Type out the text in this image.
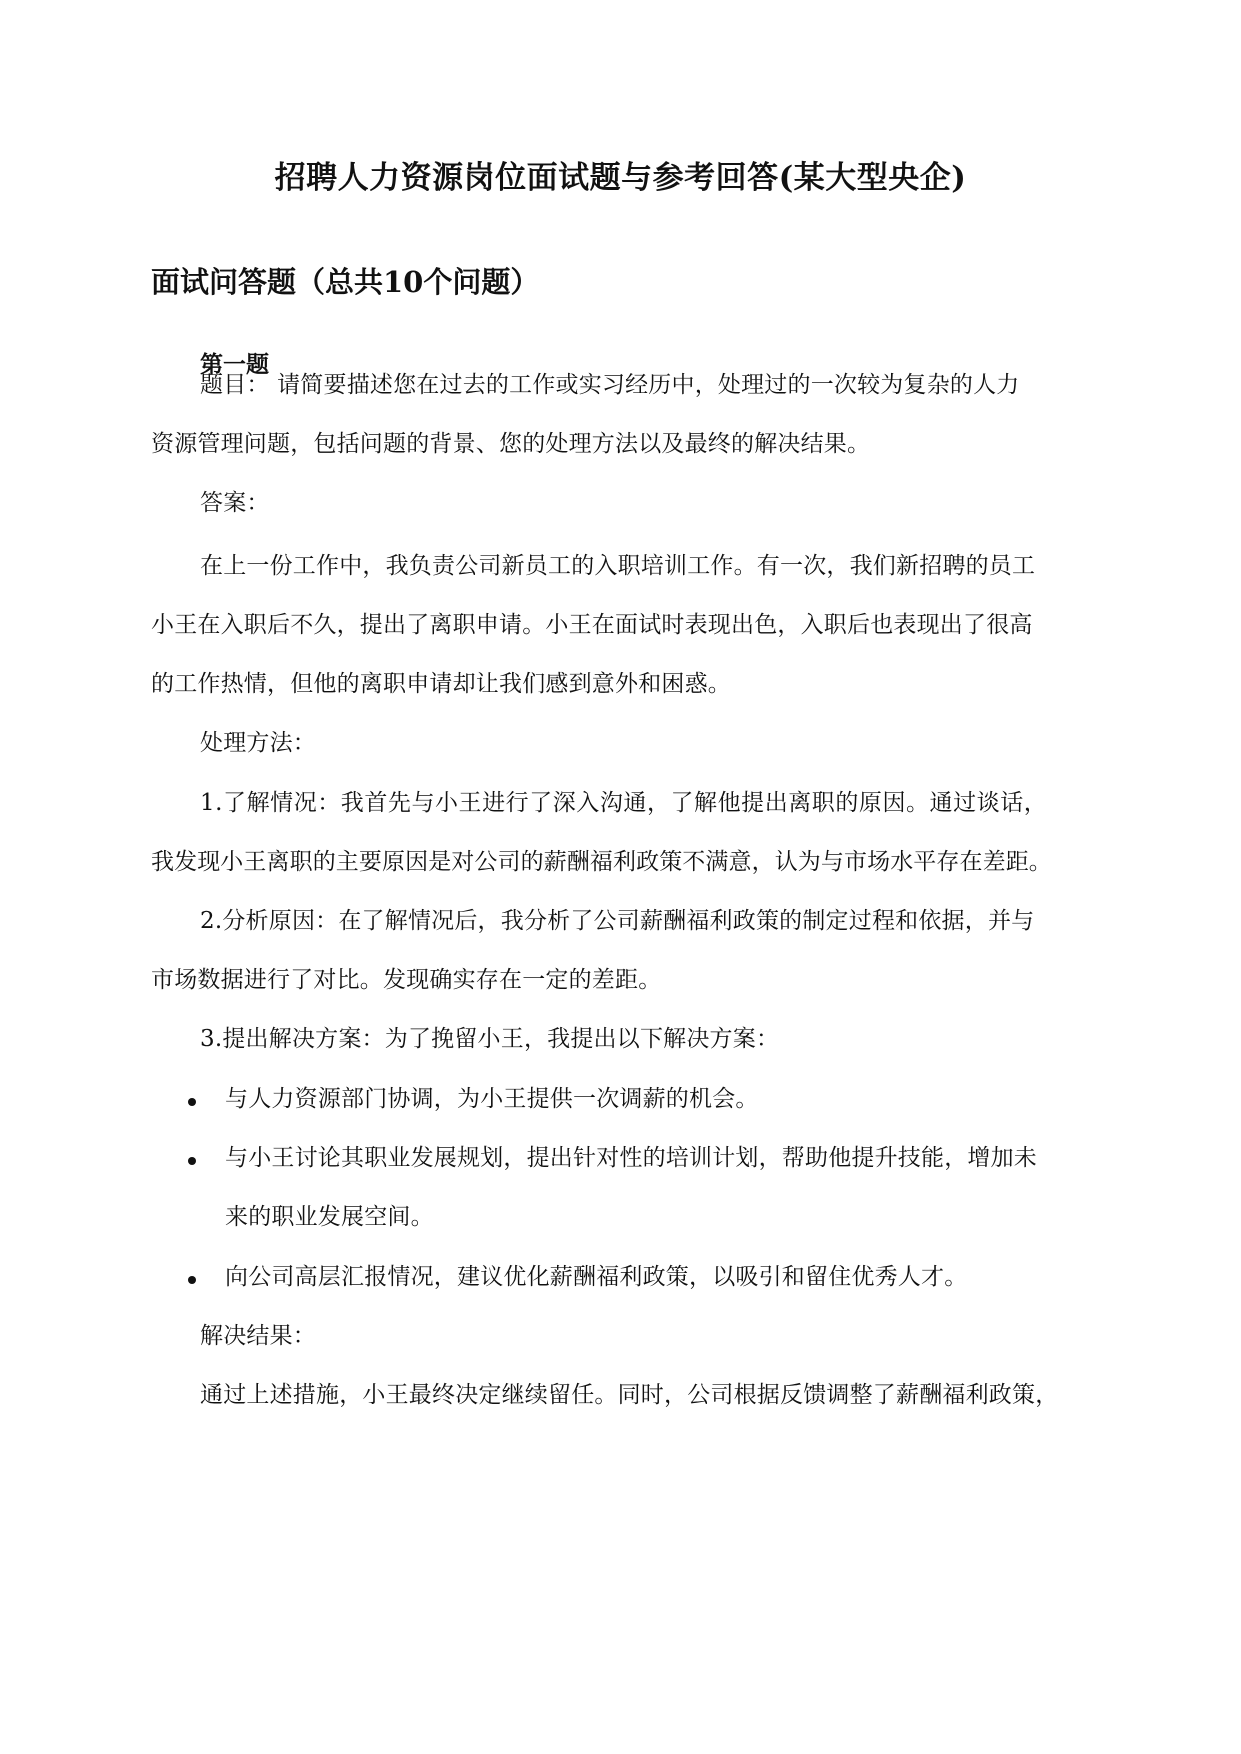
招聘人力资源岗位面试题与参考回答(某大型央企)
面试问答题（总共10个问题）
第一题
题目： 请简要描述您在过去的工作或实习经历中，处理过的一次较为复杂的人力
资源管理问题，包括问题的背景、您的处理方法以及最终的解决结果。
答案：
在上一份工作中，我负责公司新员工的入职培训工作。有一次，我们新招聘的员工
小王在入职后不久，提出了离职申请。小王在面试时表现出色，入职后也表现出了很高
的工作热情，但他的离职申请却让我们感到意外和困惑。
处理方法：
1.了解情况：我首先与小王进行了深入沟通，了解他提出离职的原因。通过谈话，
我发现小王离职的主要原因是对公司的薪酬福利政策不满意，认为与市场水平存在差距。
2.分析原因：在了解情况后，我分析了公司薪酬福利政策的制定过程和依据，并与
市场数据进行了对比。发现确实存在一定的差距。
3.提出解决方案：为了挽留小王，我提出以下解决方案：
与人力资源部门协调，为小王提供一次调薪的机会。
与小王讨论其职业发展规划，提出针对性的培训计划，帮助他提升技能，增加未
来的职业发展空间。
向公司高层汇报情况，建议优化薪酬福利政策，以吸引和留住优秀人才。
解决结果：
通过上述措施，小王最终决定继续留任。同时，公司根据反馈调整了薪酬福利政策，
